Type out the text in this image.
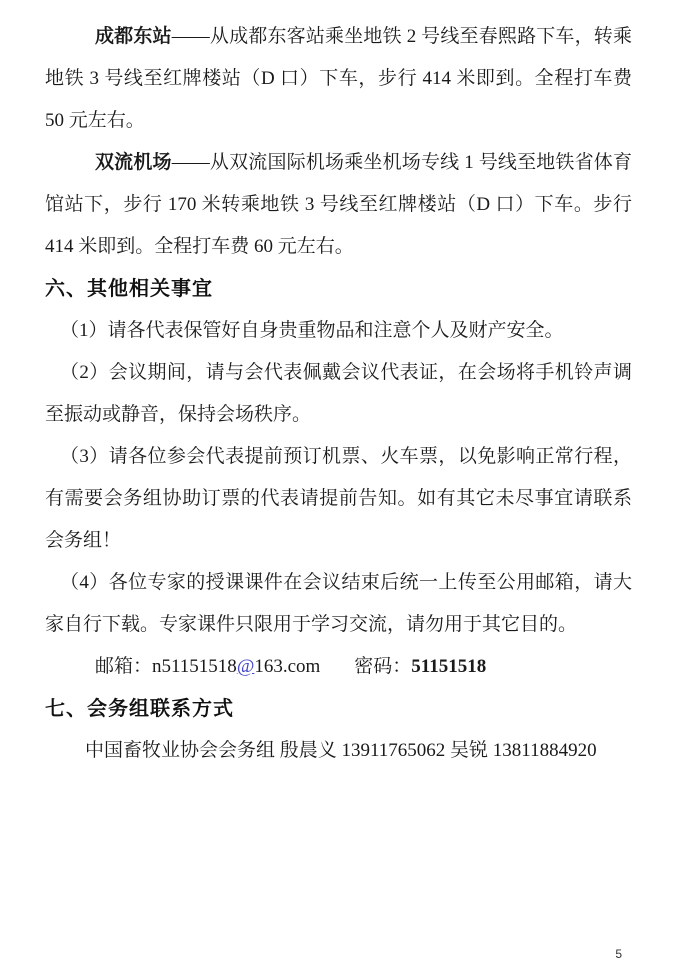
成都东站——从成都东客站乘坐地铁 2 号线至春熙路下车，转乘地铁 3 号线至红牌楼站（D 口）下车，步行 414 米即到。全程打车费 50 元左右。

双流机场——从双流国际机场乘坐机场专线 1 号线至地铁省体育馆站下，步行 170 米转乘地铁 3 号线至红牌楼站（D 口）下车。步行 414 米即到。全程打车费 60 元左右。

六、其他相关事宜

（1）请各代表保管好自身贵重物品和注意个人及财产安全。

（2）会议期间，请与会代表佩戴会议代表证，在会场将手机铃声调至振动或静音，保持会场秩序。

（3）请各位参会代表提前预订机票、火车票，以免影响正常行程，有需要会务组协助订票的代表请提前告知。如有其它未尽事宜请联系会务组！

（4）各位专家的授课课件在会议结束后统一上传至公用邮箱，请大家自行下载。专家课件只限用于学习交流，请勿用于其它目的。

邮箱：n51151518@163.com 密码：51151518

七、会务组联系方式

中国畜牧业协会会务组 殷晨义 13911765062 吴锐 13811884920

5
